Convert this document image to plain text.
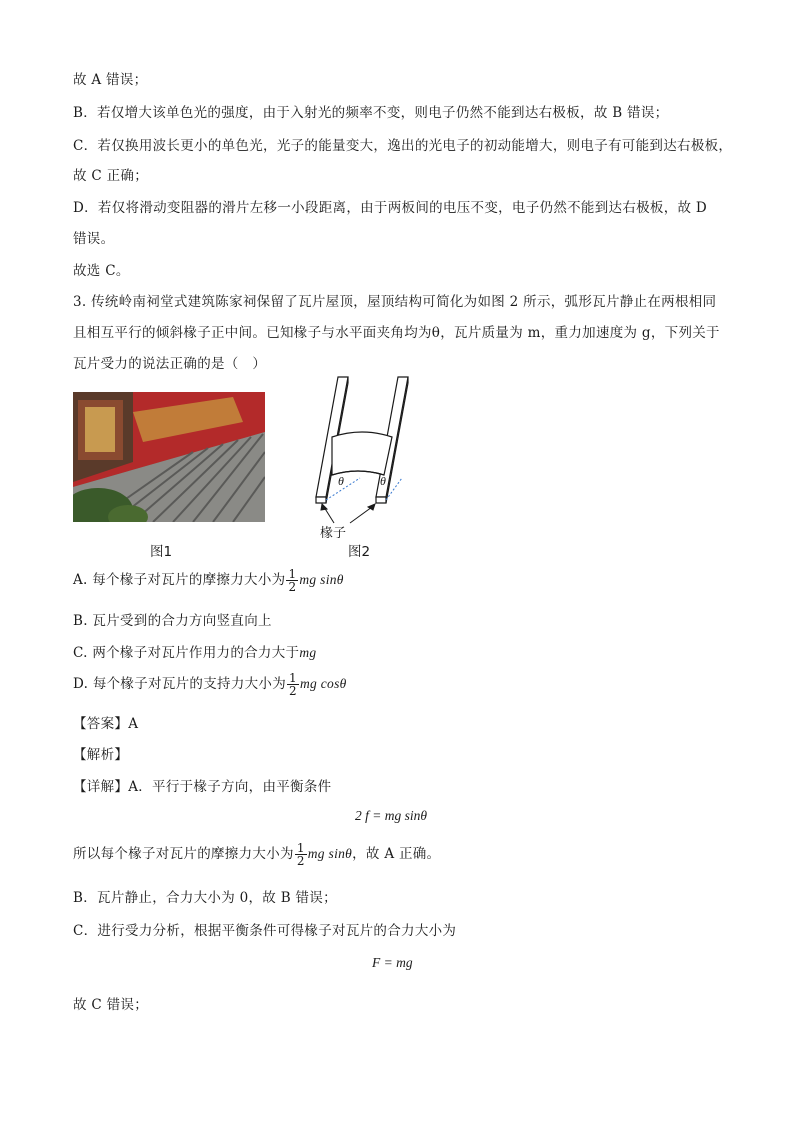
故 A 错误；
B．若仅增大该单色光的强度，由于入射光的频率不变，则电子仍然不能到达右极板，故 B 错误；
C．若仅换用波长更小的单色光，光子的能量变大，逸出的光电子的初动能增大，则电子有可能到达右极板，
故 C 正确；
D．若仅将滑动变阻器的滑片左移一小段距离，由于两板间的电压不变，电子仍然不能到达右极板，故 D
错误。
故选 C。
3. 传统岭南祠堂式建筑陈家祠保留了瓦片屋顶，屋顶结构可简化为如图 2 所示，弧形瓦片静止在两根相同
且相互平行的倾斜椽子正中间。已知椽子与水平面夹角均为θ，瓦片质量为 m，重力加速度为 g，下列关于
瓦片受力的说法正确的是（　）
θ	θ
椽子
图1	图2
A. 每个椽子对瓦片的摩擦力大小为 $\frac{1}{2}$ mg sinθ
B. 瓦片受到的合力方向竖直向上
C. 两个椽子对瓦片作用力的合力大于mg
D. 每个椽子对瓦片的支持力大小为 $\frac{1}{2}$ mg cosθ
【答案】A
【解析】
【详解】A．平行于椽子方向，由平衡条件
2 f = mg sinθ
所以每个椽子对瓦片的摩擦力大小为 $\frac{1}{2}$ mg sinθ，故 A 正确。
B．瓦片静止，合力大小为 0，故 B 错误；
C．进行受力分析，根据平衡条件可得椽子对瓦片的合力大小为
F = mg
故 C 错误；
